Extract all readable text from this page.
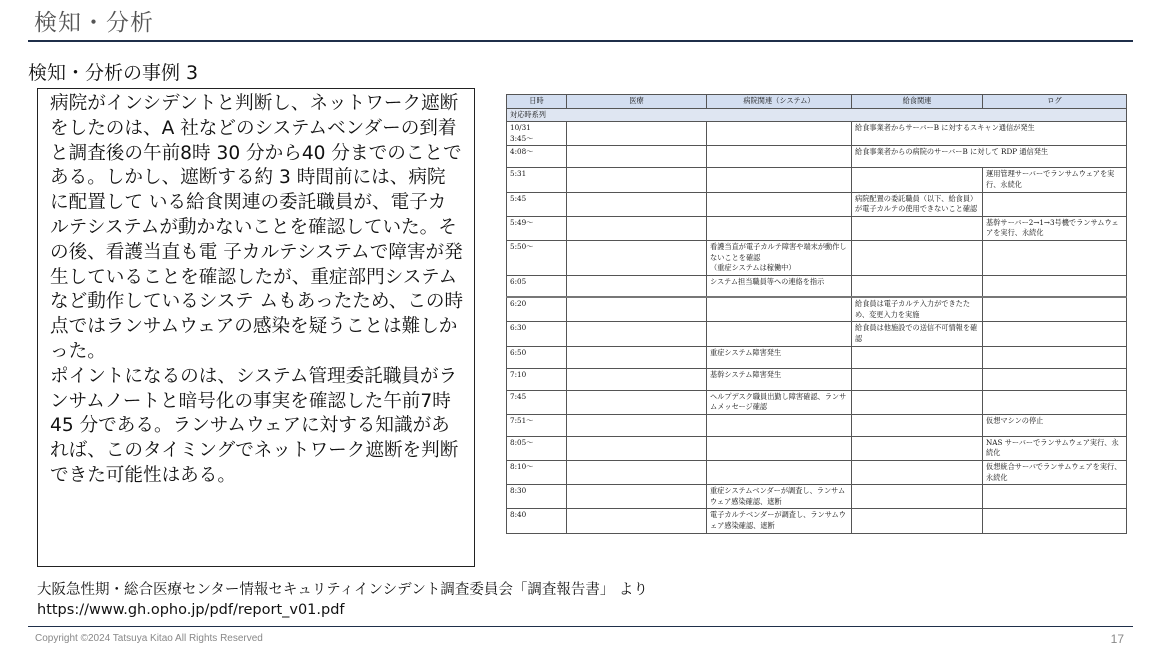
検知・分析
検知・分析の事例 3

病院がインシデントと判断し、ネットワーク遮断をしたのは、A 社などのシステムベンダーの到着と調査後の午前8時 30 分から40 分までのことである。しかし、遮断する約 3 時間前には、病院に配置して いる給食関連の委託職員が、電子カルテシステムが動かないことを確認していた。その後、看護当直も電 子カルテシステムで障害が発生していることを確認したが、重症部門システムなど動作しているシステ ムもあったため、この時点ではランサムウェアの感染を疑うことは難しかった。

ポイントになるのは、システム管理委託職員がランサムノートと暗号化の事実を確認した午前7時 45 分である。ランサムウェアに対する知識があれば、このタイミングでネットワーク遮断を判断できた可能性はある。

対応時系列				
日時	医療	病院関連（システム）	給食関連	ログ
10/31
3:45～			給食事業者からサーバーB に対するスキャン通信が発生	
4:08～			給食事業者からの病院のサーバーB に対して RDP 通信発生	
5:31				運用管理サーバーでランサムウェアを実行、永続化
5:45			病院配置の委託職員（以下、給食員）が電子カルテの使用できないこと確認	
5:49～				基幹サーバー2→1→3号機でランサムウェアを実行、永続化
5:50～		看護当直が電子カルテ障害や端末が動作しないことを確認
（重症システムは稼働中）		
6:05		システム担当職員等への連絡を指示		
6:20			給食員は電子カルテ入力ができたため、変更入力を実施	
6:30			給食員は他施設での送信不可情報を確認	
6:50		重症システム障害発生		
7:10		基幹システム障害発生		
7:45		ヘルプデスク職員出勤し障害確認、ランサムメッセージ確認		
7:51～				仮想マシンの停止
8:05～				NAS サーバーでランサムウェア実行、永続化
8:10～				仮想統合サーバでランサムウェアを実行、永続化
8:30		重症システムベンダーが調査し、ランサムウェア感染確認、遮断		
8:40		電子カルテベンダーが調査し、ランサムウェア感染確認、遮断		
大阪急性期・総合医療センター情報セキュリティインシデント調査委員会「調査報告書」 より
https://www.gh.opho.jp/pdf/report_v01.pdf
Copyright ©2024 Tatsuya Kitao All Rights Reserved	17
